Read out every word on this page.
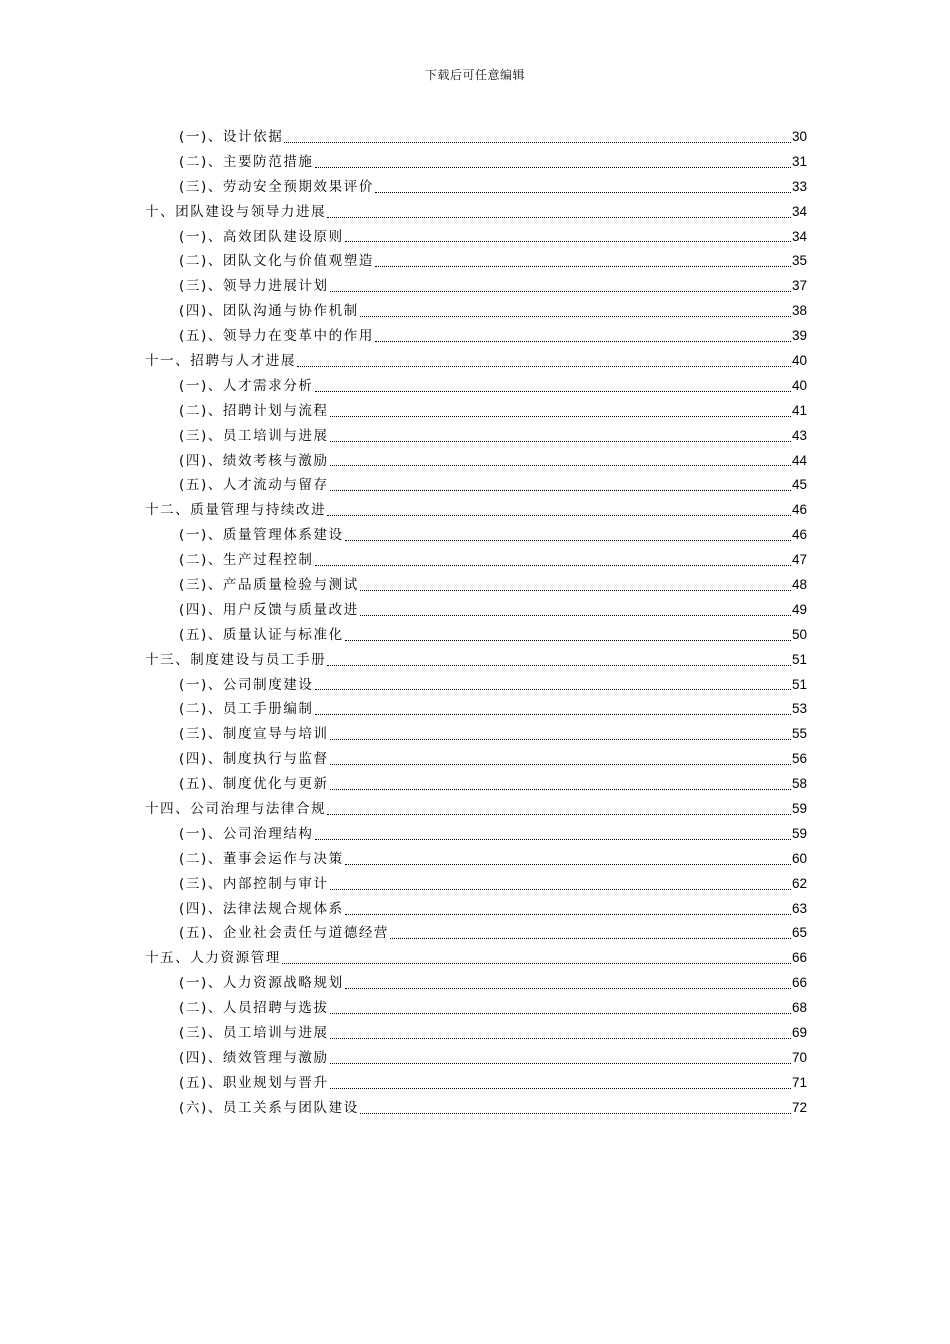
下载后可任意编辑
(一)、设计依据	30
(二)、主要防范措施	31
(三)、劳动安全预期效果评价	33
十、团队建设与领导力进展	34
(一)、高效团队建设原则	34
(二)、团队文化与价值观塑造	35
(三)、领导力进展计划	37
(四)、团队沟通与协作机制	38
(五)、领导力在变革中的作用	39
十一、招聘与人才进展	40
(一)、人才需求分析	40
(二)、招聘计划与流程	41
(三)、员工培训与进展	43
(四)、绩效考核与激励	44
(五)、人才流动与留存	45
十二、质量管理与持续改进	46
(一)、质量管理体系建设	46
(二)、生产过程控制	47
(三)、产品质量检验与测试	48
(四)、用户反馈与质量改进	49
(五)、质量认证与标准化	50
十三、制度建设与员工手册	51
(一)、公司制度建设	51
(二)、员工手册编制	53
(三)、制度宣导与培训	55
(四)、制度执行与监督	56
(五)、制度优化与更新	58
十四、公司治理与法律合规	59
(一)、公司治理结构	59
(二)、董事会运作与决策	60
(三)、内部控制与审计	62
(四)、法律法规合规体系	63
(五)、企业社会责任与道德经营	65
十五、人力资源管理	66
(一)、人力资源战略规划	66
(二)、人员招聘与选拔	68
(三)、员工培训与进展	69
(四)、绩效管理与激励	70
(五)、职业规划与晋升	71
(六)、员工关系与团队建设	72
